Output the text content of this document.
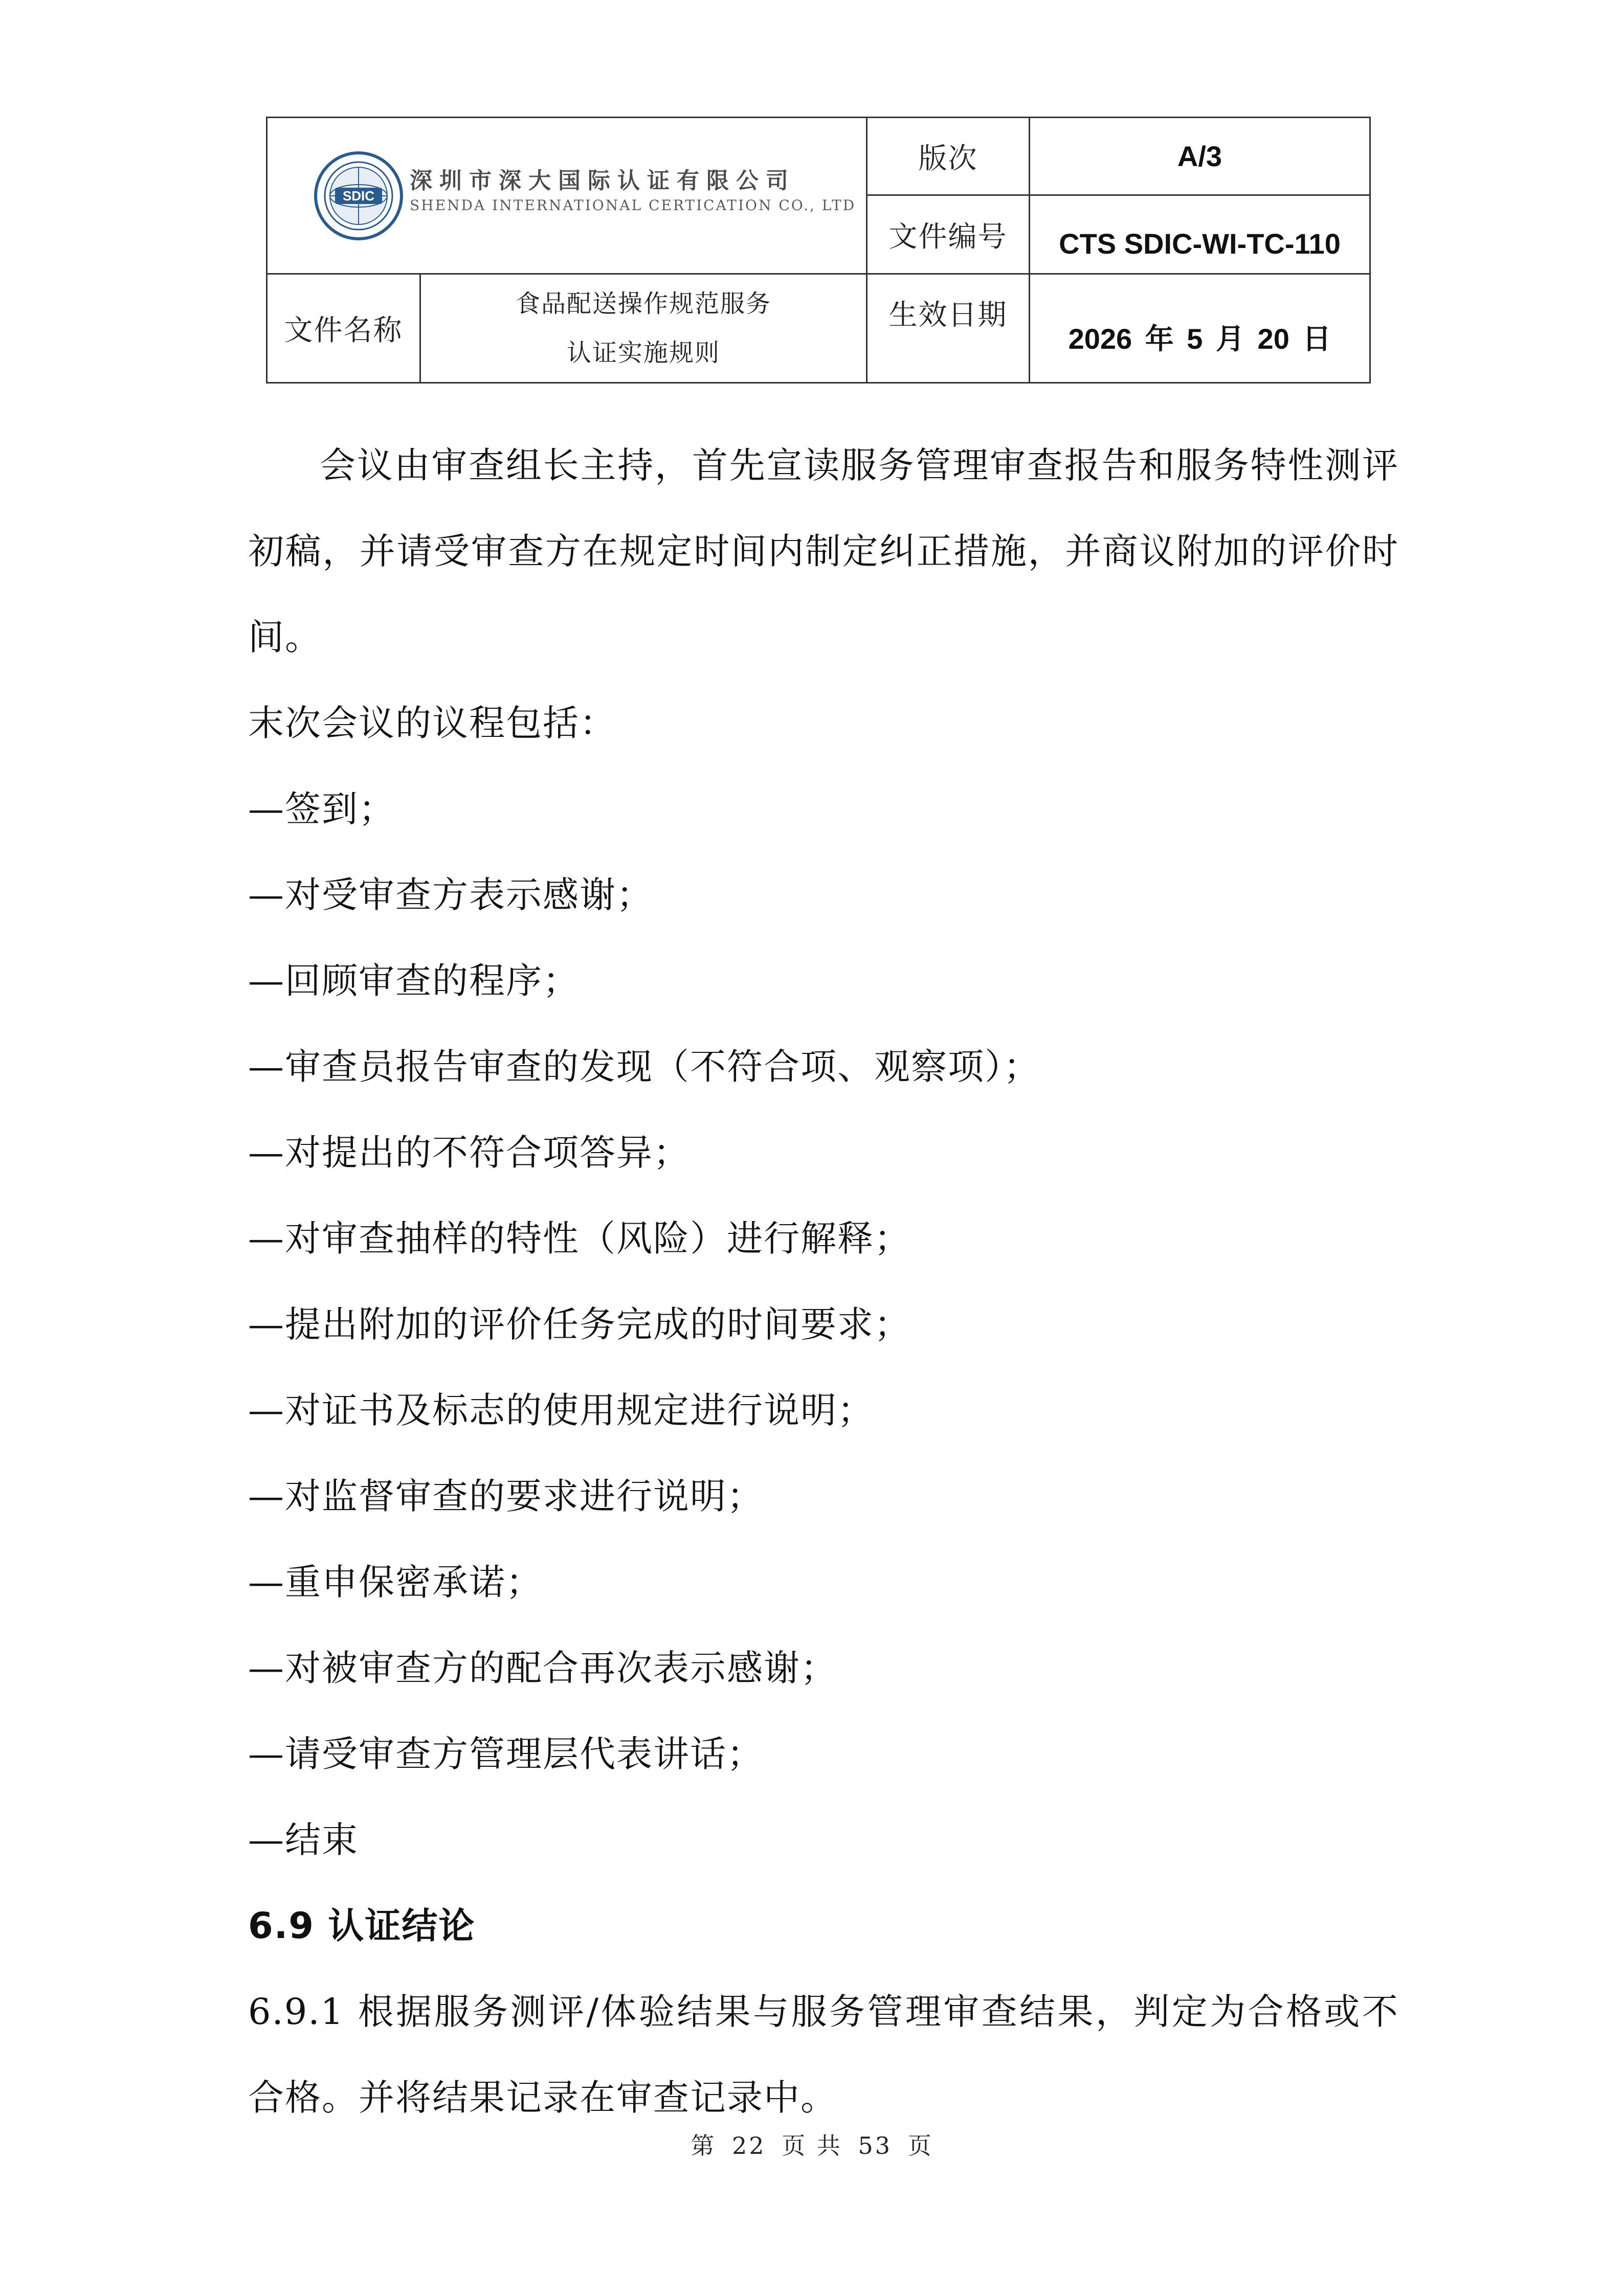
SDIC
深圳市深大国际认证有限公司
SHENDA INTERNATIONAL CERTICATION CO., LTD
版次	A/3
文件编号	CTS SDIC-WI-TC-110
文件名称
食品配送操作规范服务
认证实施规则
生效日期
2026 年 5 月 20 日

会议由审查组长主持，首先宣读服务管理审查报告和服务特性测评初稿，并请受审查方在规定时间内制定纠正措施，并商议附加的评价时间。

末次会议的议程包括：

—签到；

—对受审查方表示感谢；

—回顾审查的程序；

—审查员报告审查的发现（不符合项、观察项）；

—对提出的不符合项答异；

—对审查抽样的特性（风险）进行解释；

—提出附加的评价任务完成的时间要求；

—对证书及标志的使用规定进行说明；

—对监督审查的要求进行说明；

—重申保密承诺；

—对被审查方的配合再次表示感谢；

—请受审查方管理层代表讲话；

—结束

6.9 认证结论

6.9.1 根据服务测评/体验结果与服务管理审查结果，判定为合格或不合格。并将结果记录在审查记录中。

第 22 页 共 53 页
